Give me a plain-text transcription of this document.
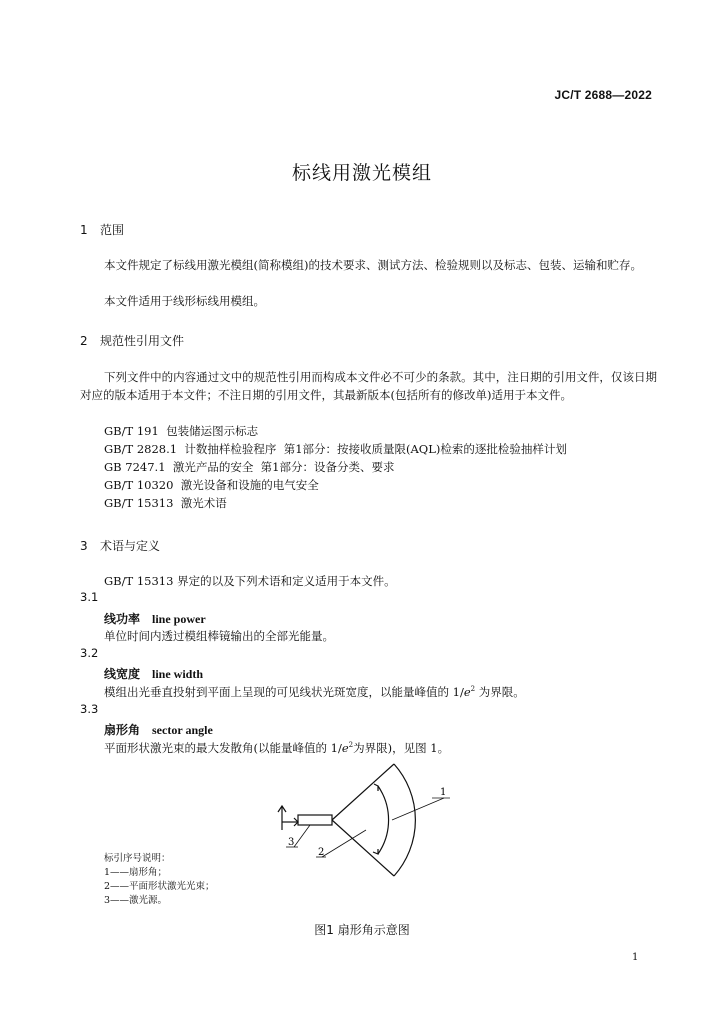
JC/T 2688—2022
标线用激光模组
1 范围
本文件规定了标线用激光模组(简称模组)的技术要求、测试方法、检验规则以及标志、包装、运输和贮存。
本文件适用于线形标线用模组。
2 规范性引用文件
下列文件中的内容通过文中的规范性引用而构成本文件必不可少的条款。其中，注日期的引用文件，仅该日期对应的版本适用于本文件；不注日期的引用文件，其最新版本(包括所有的修改单)适用于本文件。
GB/T 191  包装储运图示标志
GB/T 2828.1  计数抽样检验程序  第1部分：按接收质量限(AQL)检索的逐批检验抽样计划
GB 7247.1  激光产品的安全  第1部分：设备分类、要求
GB/T 10320  激光设备和设施的电气安全
GB/T 15313  激光术语
3 术语与定义
GB/T 15313 界定的以及下列术语和定义适用于本文件。
3.1
线功率 line power
单位时间内透过模组棒镜输出的全部光能量。
3.2
线宽度 line width
模组出光垂直投射到平面上呈现的可见线状光斑宽度，以能量峰值的 $1/e^2$ 为界限。
3.3
扇形角 sector angle
平面形状激光束的最大发散角(以能量峰值的 $1/e^2$为界限)，见图 1。
1
2
3
标引序号说明：
1——扇形角；
2——平面形状激光光束；
3——激光源。
图1 扇形角示意图
1
